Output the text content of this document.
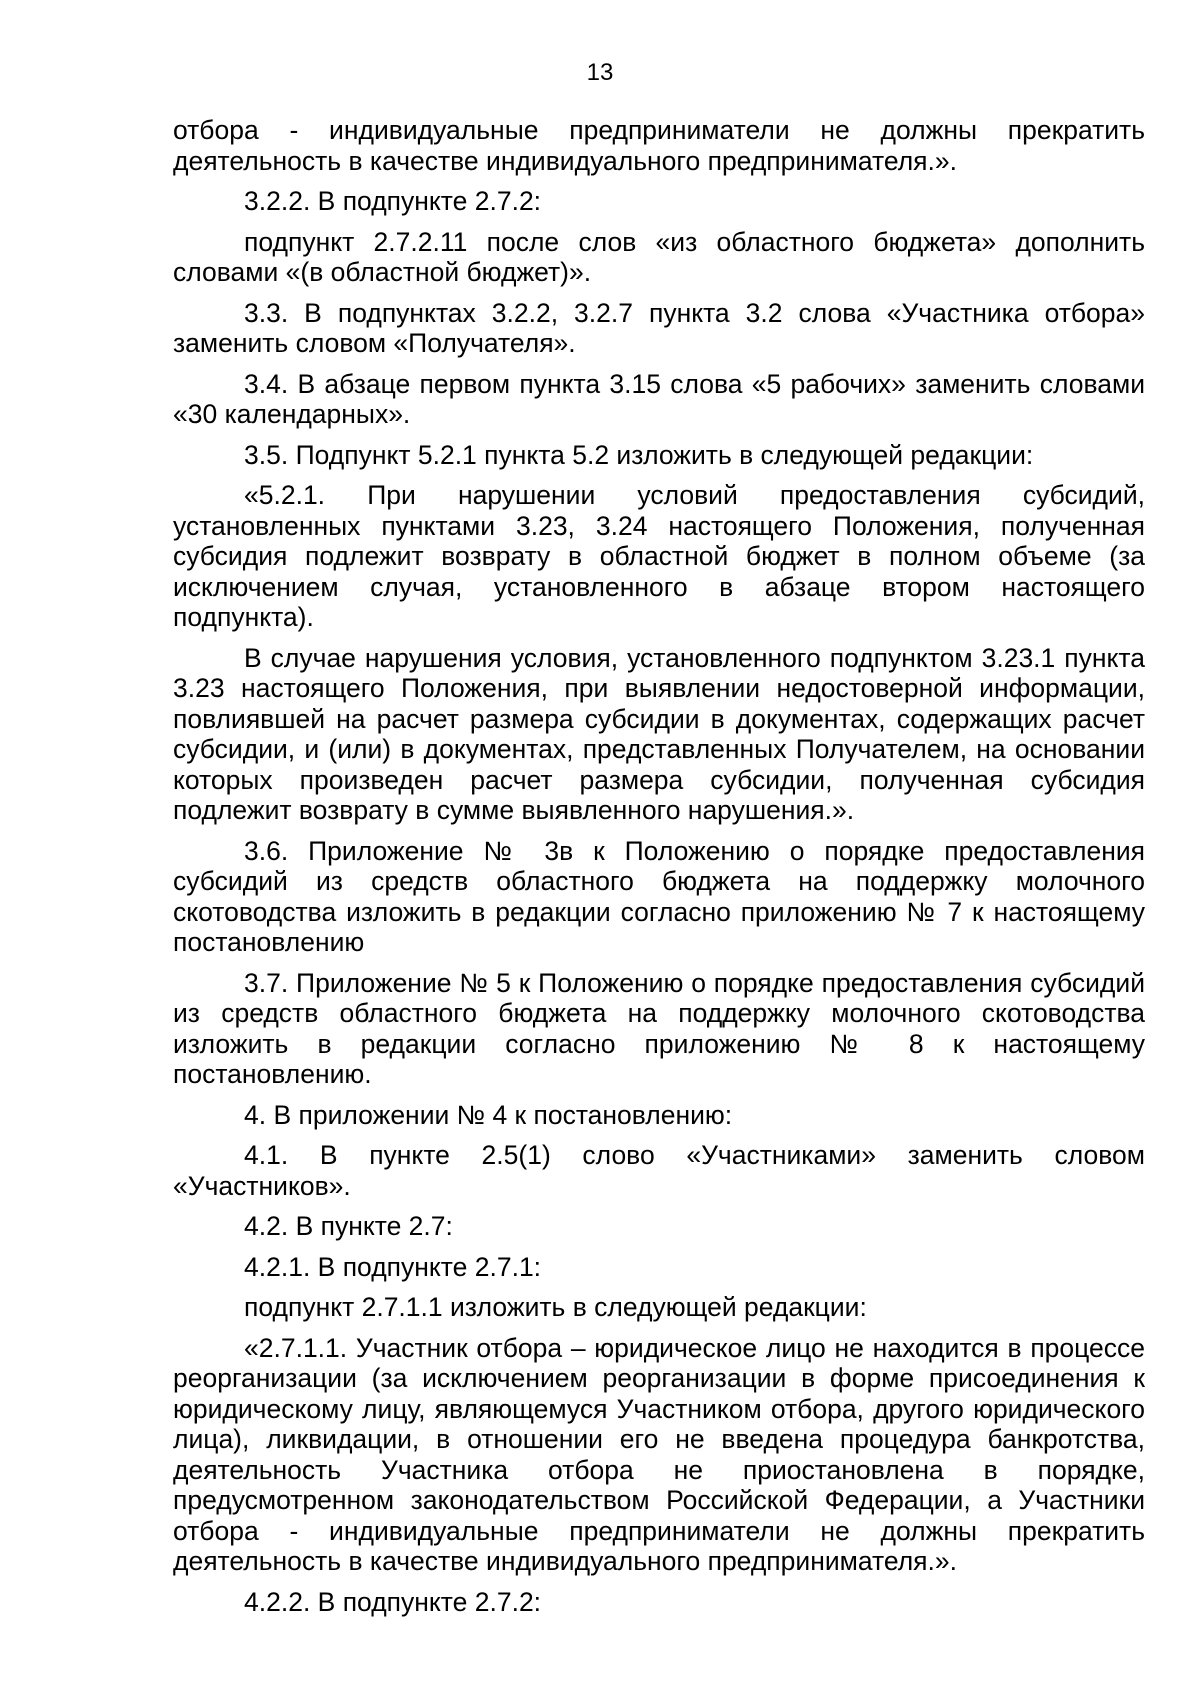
13

отбора - индивидуальные предприниматели не должны прекратить деятельность в качестве индивидуального предпринимателя.».

3.2.2. В подпункте 2.7.2:

подпункт 2.7.2.11 после слов «из областного бюджета» дополнить словами «(в областной бюджет)».

3.3. В подпунктах 3.2.2, 3.2.7 пункта 3.2 слова «Участника отбора» заменить словом «Получателя».

3.4. В абзаце первом пункта 3.15 слова «5 рабочих» заменить словами «30 календарных».

3.5. Подпункт 5.2.1 пункта 5.2 изложить в следующей редакции:

«5.2.1. При нарушении условий предоставления субсидий, установленных пунктами 3.23, 3.24 настоящего Положения, полученная субсидия подлежит возврату в областной бюджет в полном объеме (за исключением случая, установленного в абзаце втором настоящего подпункта).

В случае нарушения условия, установленного подпунктом 3.23.1 пункта 3.23 настоящего Положения, при выявлении недостоверной информации, повлиявшей на расчет размера субсидии в документах, содержащих расчет субсидии, и (или) в документах, представленных Получателем, на основании которых произведен расчет размера субсидии, полученная субсидия подлежит возврату в сумме выявленного нарушения.».

3.6. Приложение № 3в к Положению о порядке предоставления субсидий из средств областного бюджета на поддержку молочного скотоводства изложить в редакции согласно приложению № 7 к настоящему постановлению

3.7. Приложение № 5 к Положению о порядке предоставления субсидий из средств областного бюджета на поддержку молочного скотоводства изложить в редакции согласно приложению № 8 к настоящему постановлению.

4. В приложении № 4 к постановлению:

4.1. В пункте 2.5(1) слово «Участниками» заменить словом «Участников».

4.2. В пункте 2.7:

4.2.1. В подпункте 2.7.1:

подпункт 2.7.1.1 изложить в следующей редакции:

«2.7.1.1. Участник отбора – юридическое лицо не находится в процессе реорганизации (за исключением реорганизации в форме присоединения к юридическому лицу, являющемуся Участником отбора, другого юридического лица), ликвидации, в отношении его не введена процедура банкротства, деятельность Участника отбора не приостановлена в порядке, предусмотренном законодательством Российской Федерации, а Участники отбора - индивидуальные предприниматели не должны прекратить деятельность в качестве индивидуального предпринимателя.».

4.2.2. В подпункте 2.7.2:
